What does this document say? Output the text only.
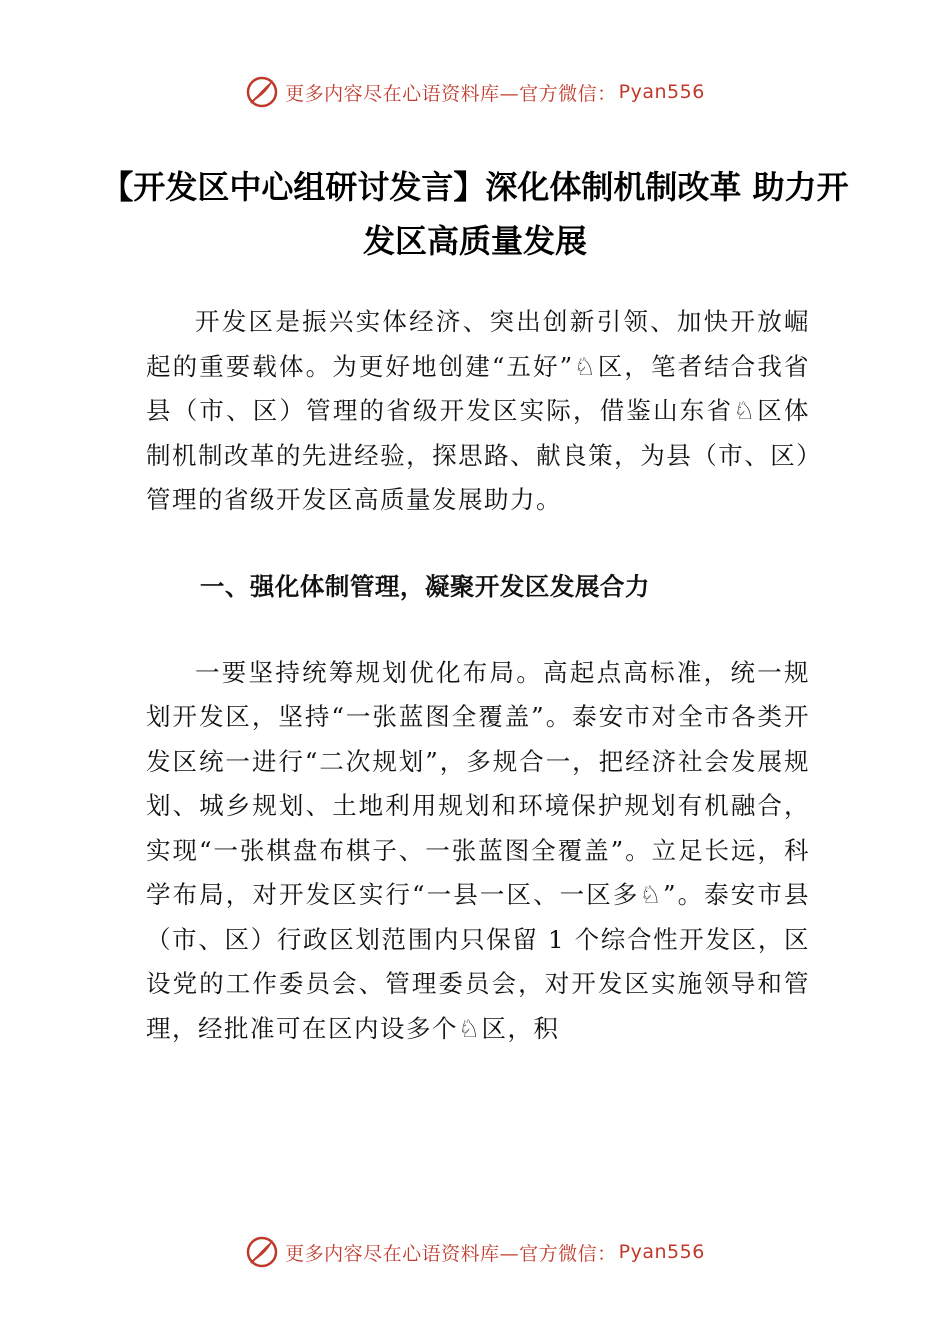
更多内容尽在心语资料库—官方微信： Pyan556
【开发区中心组研讨发言】深化体制机制改革 助力开发区高质量发展

开发区是振兴实体经济、突出创新引领、加快开放崛起的重要载体。为更好地创建“五好”♘区，笔者结合我省县（市、区）管理的省级开发区实际，借鉴山东省♘区体制机制改革的先进经验，探思路、献良策，为县（市、区）管理的省级开发区高质量发展助力。

一、强化体制管理，凝聚开发区发展合力

一要坚持统筹规划优化布局。高起点高标准，统一规划开发区，坚持“一张蓝图全覆盖”。泰安市对全市各类开发区统一进行“二次规划”，多规合一，把经济社会发展规划、城乡规划、土地利用规划和环境保护规划有机融合，实现“一张棋盘布棋子、一张蓝图全覆盖”。立足长远，科学布局，对开发区实行“一县一区、一区多♘”。泰安市县（市、区）行政区划范围内只保留 1 个综合性开发区，区设党的工作委员会、管理委员会，对开发区实施领导和管理，经批准可在区内设多个♘区，积

更多内容尽在心语资料库—官方微信： Pyan556
